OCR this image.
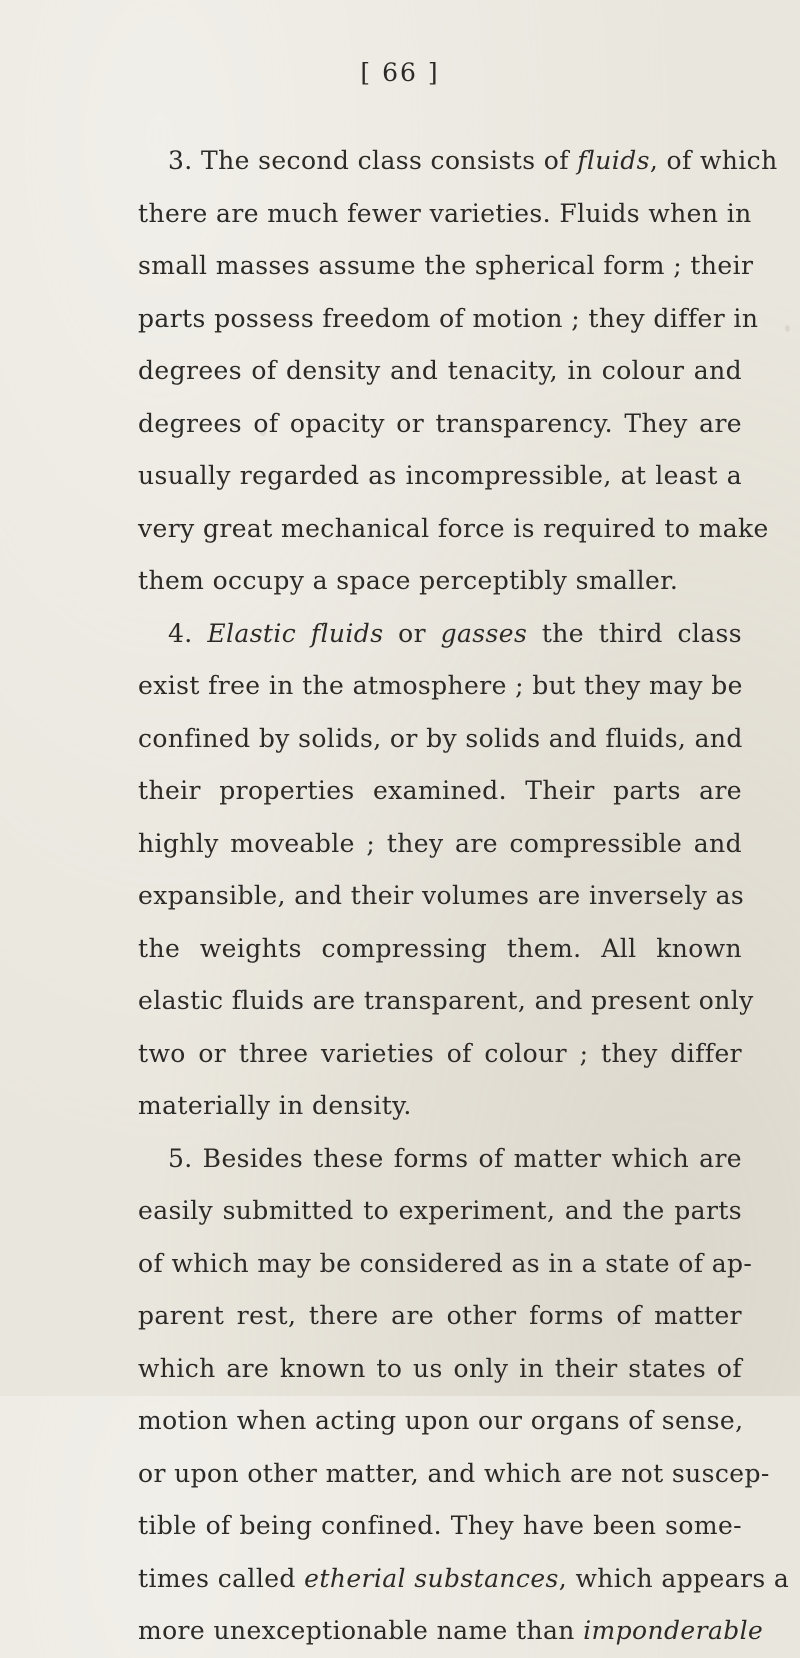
[ 66 ]
3. The second class consists of fluids, of which
there are much fewer varieties. Fluids when in
small masses assume the spherical form ; their
parts possess freedom of motion ; they differ in
degrees of density and tenacity, in colour and
degrees of opacity or transparency. They are
usually regarded as incompressible, at least a
very great mechanical force is required to make
them occupy a space perceptibly smaller.
4. Elastic fluids or gasses the third class
exist free in the atmosphere ; but they may be
confined by solids, or by solids and fluids, and
their properties examined. Their parts are
highly moveable ; they are compressible and
expansible, and their volumes are inversely as
the weights compressing them. All known
elastic fluids are transparent, and present only
two or three varieties of colour ; they differ
materially in density.
5. Besides these forms of matter which are
easily submitted to experiment, and the parts
of which may be considered as in a state of ap-
parent rest, there are other forms of matter
which are known to us only in their states of
motion when acting upon our organs of sense,
or upon other matter, and which are not suscep-
tible of being confined. They have been some-
times called etherial substances, which appears a
more unexceptionable name than imponderable
